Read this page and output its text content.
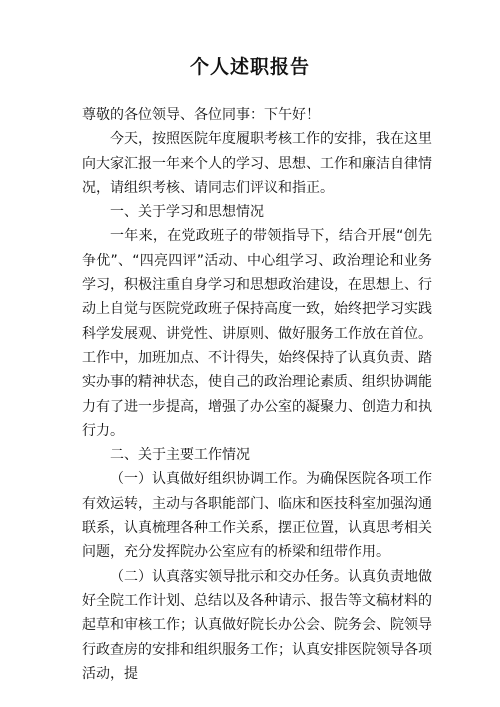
个人述职报告

尊敬的各位领导、各位同事：下午好！

今天，按照医院年度履职考核工作的安排，我在这里向大家汇报一年来个人的学习、思想、工作和廉洁自律情况，请组织考核、请同志们评议和指正。

一、关于学习和思想情况

一年来，在党政班子的带领指导下，结合开展“创先争优”、“四亮四评”活动、中心组学习、政治理论和业务学习，积极注重自身学习和思想政治建设，在思想上、行动上自觉与医院党政班子保持高度一致，始终把学习实践科学发展观、讲党性、讲原则、做好服务工作放在首位。工作中，加班加点、不计得失，始终保持了认真负责、踏实办事的精神状态，使自己的政治理论素质、组织协调能力有了进一步提高，增强了办公室的凝聚力、创造力和执行力。

二、关于主要工作情况

（一）认真做好组织协调工作。为确保医院各项工作有效运转，主动与各职能部门、临床和医技科室加强沟通联系，认真梳理各种工作关系，摆正位置，认真思考相关问题，充分发挥院办公室应有的桥梁和纽带作用。

（二）认真落实领导批示和交办任务。认真负责地做好全院工作计划、总结以及各种请示、报告等文稿材料的起草和审核工作；认真做好院长办公会、院务会、院领导行政查房的安排和组织服务工作；认真安排医院领导各项活动，提
